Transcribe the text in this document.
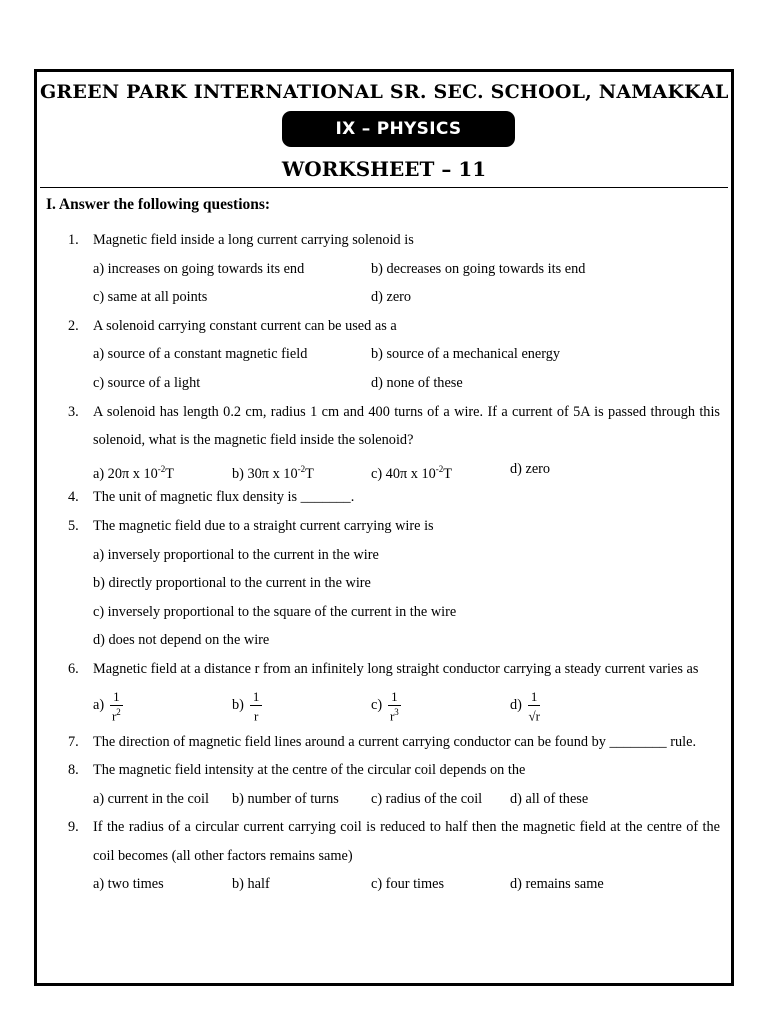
GREEN PARK INTERNATIONAL SR. SEC. SCHOOL, NAMAKKAL
IX – PHYSICS
WORKSHEET – 11
I. Answer the following questions:
1. Magnetic field inside a long current carrying solenoid is
a) increases on going towards its end	b) decreases on going towards its end
c) same at all points	d) zero
2. A solenoid carrying constant current can be used as a
a) source of a constant magnetic field	b) source of a mechanical energy
c) source of a light	d) none of these
3. A solenoid has length 0.2 cm, radius 1 cm and 400 turns of a wire. If a current of 5A is passed through this solenoid, what is the magnetic field inside the solenoid?
a) 20π x $10^{-2}T$	b) 30π x $10^{-2}T$	c) 40π x $10^{-2}T$	d) zero
4. The unit of magnetic flux density is _______.
5. The magnetic field due to a straight current carrying wire is
a) inversely proportional to the current in the wire
b) directly proportional to the current in the wire
c) inversely proportional to the square of the current in the wire
d) does not depend on the wire
6. Magnetic field at a distance r from an infinitely long straight conductor carrying a steady current varies as
$a) \frac{1}{r^2}$	$b) \frac{1}{r}$	$c) \frac{1}{r^3}$	$d) \frac{1}{√r}$
7. The direction of magnetic field lines around a current carrying conductor can be found by ________ rule.
8. The magnetic field intensity at the centre of the circular coil depends on the
a) current in the coil b) number of turns c) radius of the coil d) all of these
9. If the radius of a circular current carrying coil is reduced to half then the magnetic field at the centre of the coil becomes (all other factors remains same)
a) two times	b) half	c) four times	d) remains same
